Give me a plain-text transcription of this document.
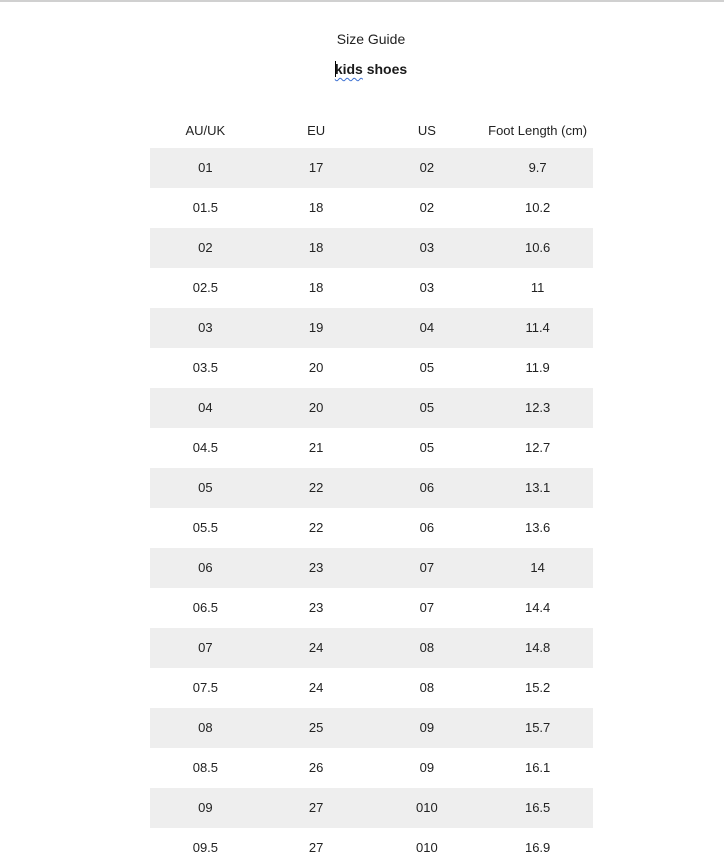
Size Guide
kids shoes
AU/UK	EU	US	Foot Length (cm)
01	17	02	9.7
01.5	18	02	10.2
02	18	03	10.6
02.5	18	03	11
03	19	04	11.4
03.5	20	05	11.9
04	20	05	12.3
04.5	21	05	12.7
05	22	06	13.1
05.5	22	06	13.6
06	23	07	14
06.5	23	07	14.4
07	24	08	14.8
07.5	24	08	15.2
08	25	09	15.7
08.5	26	09	16.1
09	27	010	16.5
09.5	27	010	16.9
